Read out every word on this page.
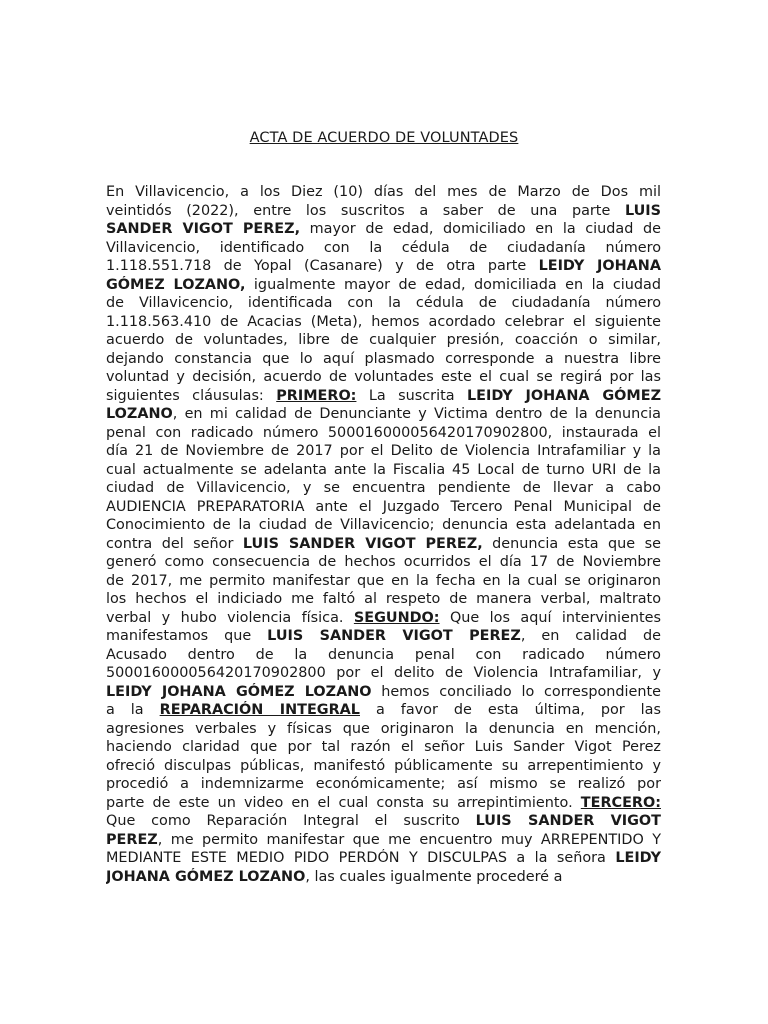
ACTA DE ACUERDO DE VOLUNTADES
En Villavicencio, a los Diez (10) días del mes de Marzo de Dos mil
veintidós (2022), entre los suscritos a saber de una parte LUIS
SANDER VIGOT PEREZ, mayor de edad, domiciliado en la ciudad de
Villavicencio, identificado con la cédula de ciudadanía número
1.118.551.718 de Yopal (Casanare) y de otra parte LEIDY JOHANA
GÓMEZ LOZANO, igualmente mayor de edad, domiciliada en la ciudad
de Villavicencio, identificada con la cédula de ciudadanía número
1.118.563.410 de Acacias (Meta), hemos acordado celebrar el siguiente
acuerdo de voluntades, libre de cualquier presión, coacción o similar,
dejando constancia que lo aquí plasmado corresponde a nuestra libre
voluntad y decisión, acuerdo de voluntades este el cual se regirá por las
siguientes cláusulas: PRIMERO: La suscrita LEIDY JOHANA GÓMEZ
LOZANO, en mi calidad de Denunciante y Victima dentro de la denuncia
penal con radicado número 500016000056420170902800, instaurada el
día 21 de Noviembre de 2017 por el Delito de Violencia Intrafamiliar y la
cual actualmente se adelanta ante la Fiscalia 45 Local de turno URI de la
ciudad de Villavicencio, y se encuentra pendiente de llevar a cabo
AUDIENCIA PREPARATORIA ante el Juzgado Tercero Penal Municipal de
Conocimiento de la ciudad de Villavicencio; denuncia esta adelantada en
contra del señor LUIS SANDER VIGOT PEREZ, denuncia esta que se
generó como consecuencia de hechos ocurridos el día 17 de Noviembre
de 2017, me permito manifestar que en la fecha en la cual se originaron
los hechos el indiciado me faltó al respeto de manera verbal, maltrato
verbal y hubo violencia física. SEGUNDO: Que los aquí intervinientes
manifestamos que LUIS SANDER VIGOT PEREZ, en calidad de
Acusado dentro de la denuncia penal con radicado número
500016000056420170902800 por el delito de Violencia Intrafamiliar, y
LEIDY JOHANA GÓMEZ LOZANO hemos conciliado lo correspondiente
a la REPARACIÓN INTEGRAL a favor de esta última, por las
agresiones verbales y físicas que originaron la denuncia en mención,
haciendo claridad que por tal razón el señor Luis Sander Vigot Perez
ofreció disculpas públicas, manifestó públicamente su arrepentimiento y
procedió a indemnizarme económicamente; así mismo se realizó por
parte de este un video en el cual consta su arrepintimiento. TERCERO:
Que como Reparación Integral el suscrito LUIS SANDER VIGOT
PEREZ, me permito manifestar que me encuentro muy ARREPENTIDO Y
MEDIANTE ESTE MEDIO PIDO PERDÓN Y DISCULPAS a la señora LEIDY
JOHANA GÓMEZ LOZANO, las cuales igualmente procederé a
